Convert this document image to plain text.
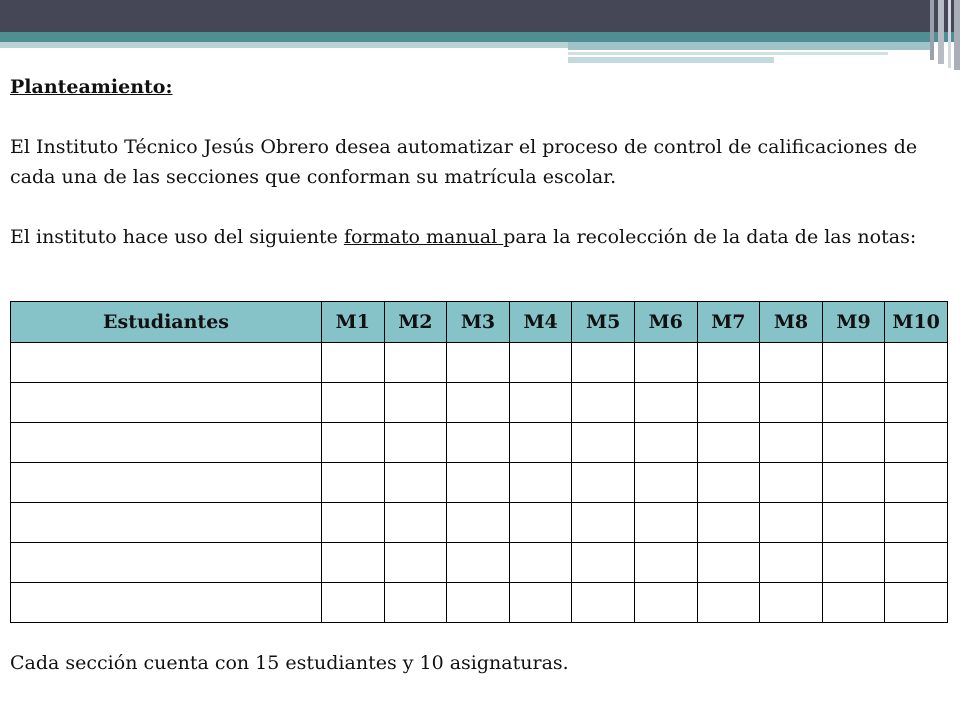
Planteamiento:

El Instituto Técnico Jesús Obrero desea automatizar el proceso de control de calificaciones de cada una de las secciones que conforman su matrícula escolar.

El instituto hace uso del siguiente formato manual para la recolección de la data de las notas:

Estudiantes	M1	M2	M3	M4	M5	M6	M7	M8	M9	M10

Cada sección cuenta con 15 estudiantes y 10 asignaturas.
